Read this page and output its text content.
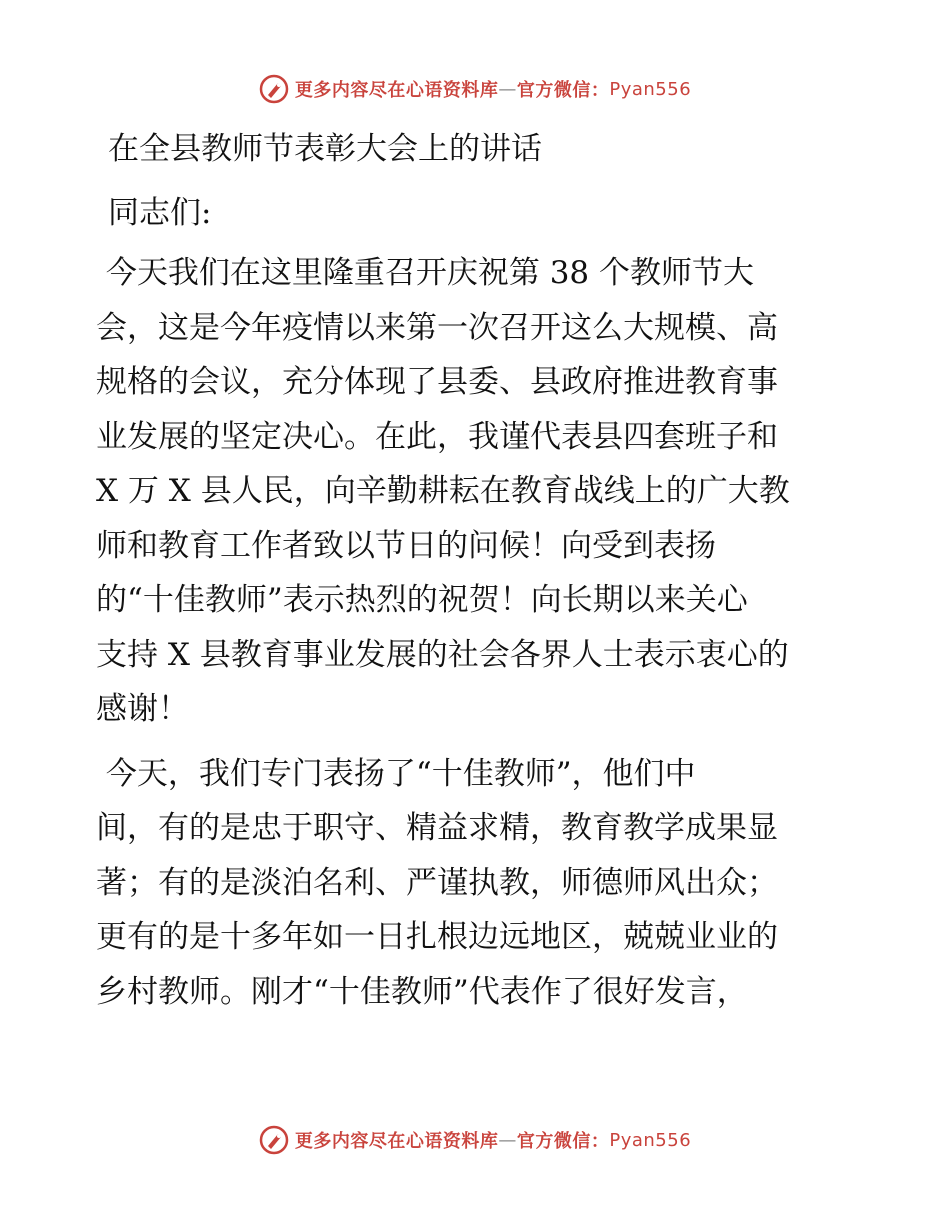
更多内容尽在心语资料库 — 官方微信： Pyan556
在全县教师节表彰大会上的讲话
同志们:
今天我们在这里隆重召开庆祝第 38 个教师节大
会，这是今年疫情以来第一次召开这么大规模、高
规格的会议，充分体现了县委、县政府推进教育事
业发展的坚定决心。在此，我谨代表县四套班子和
X 万 X 县人民，向辛勤耕耘在教育战线上的广大教
师和教育工作者致以节日的问候！向受到表扬
的“十佳教师”表示热烈的祝贺！向长期以来关心
支持 X 县教育事业发展的社会各界人士表示衷心的
感谢！
今天，我们专门表扬了“十佳教师”，他们中
间，有的是忠于职守、精益求精，教育教学成果显
著；有的是淡泊名利、严谨执教，师德师风出众；
更有的是十多年如一日扎根边远地区，兢兢业业的
乡村教师。刚才“十佳教师”代表作了很好发言，
更多内容尽在心语资料库 — 官方微信： Pyan556
